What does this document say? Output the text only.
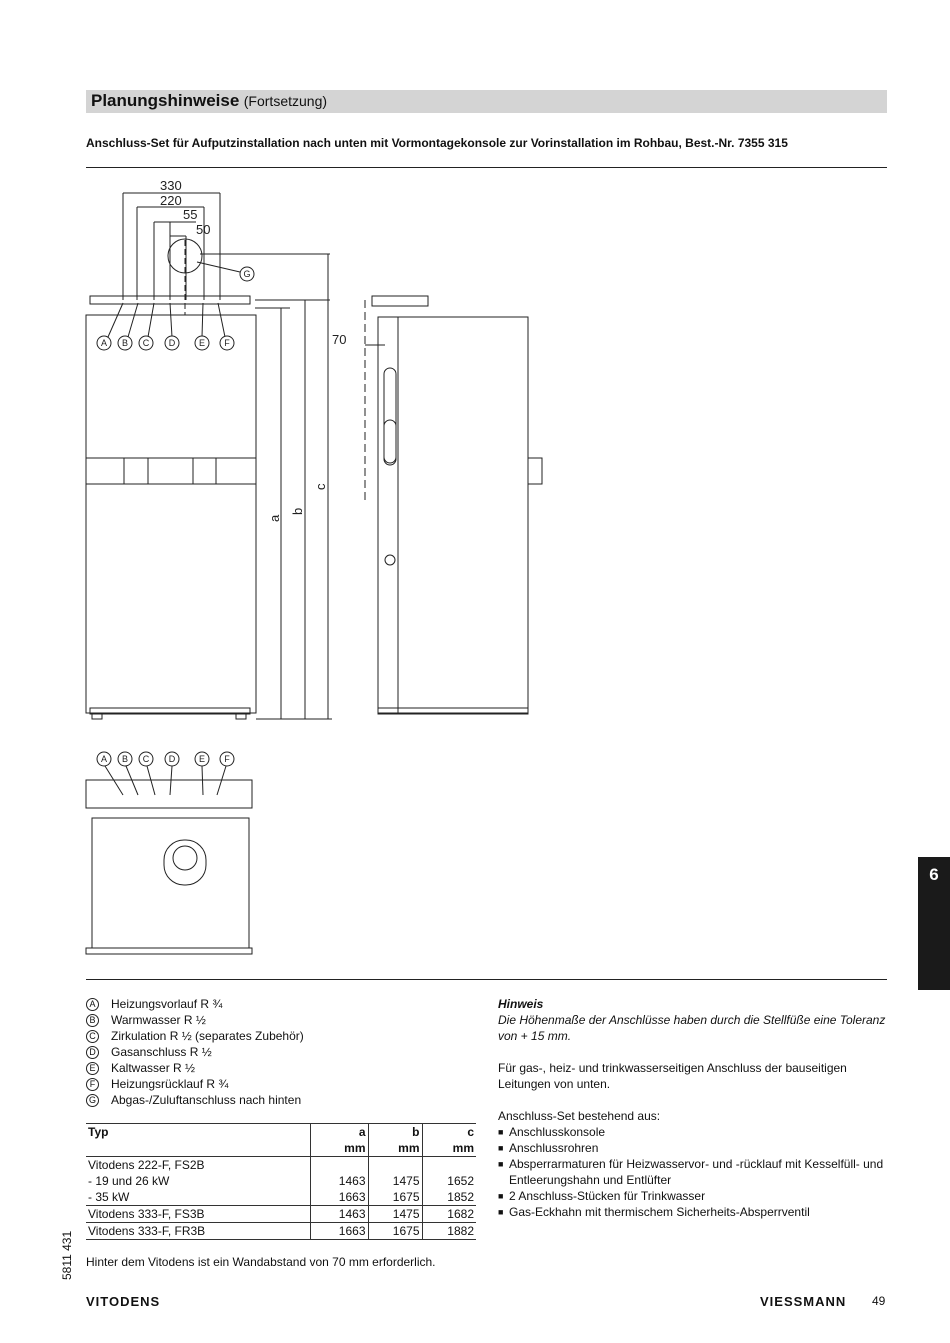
Planungshinweise (Fortsetzung)
Anschluss-Set für Aufputzinstallation nach unten mit Vormontagekonsole zur Vorinstallation im Rohbau, Best.-Nr. 7355 315
330
220
55
50
70
a
b
c
A B C D	E F
G
A B C D	E F
A Heizungsvorlauf R ¾
B Warmwasser R ½
C Zirkulation R ½ (separates Zubehör)
D Gasanschluss R ½
E Kaltwasser R ½
F	Heizungsrücklauf R ¾
G Abgas-/Zuluftanschluss nach hinten
Typ	a	b	c
	mm	mm	mm
Vitodens 222-F, FS2B			
- 19 und 26 kW	1463	1475	1652
- 35 kW	1663	1675	1852
Vitodens 333-F, FS3B	1463	1475	1682
Vitodens 333-F, FR3B	1663	1675	1882
Hinter dem Vitodens ist ein Wandabstand von 70 mm erforderlich.

Hinweis

Die Höhenmaße der Anschlüsse haben durch die Stellfüße eine Toleranz von + 15 mm.

Für gas-, heiz- und trinkwasserseitigen Anschluss der bauseitigen Leitungen von unten.

Anschluss-Set bestehend aus:
■ Anschlusskonsole
■ Anschlussrohren
■ Absperrarmaturen für Heizwasservor- und -rücklauf mit Kesselfüll- und Entleerungshahn und Entlüfter
■ 2 Anschluss-Stücken für Trinkwasser
■ Gas-Eckhahn mit thermischem Sicherheits-Absperrventil
6
5811 431
VITODENS	VIESSMANN 49
